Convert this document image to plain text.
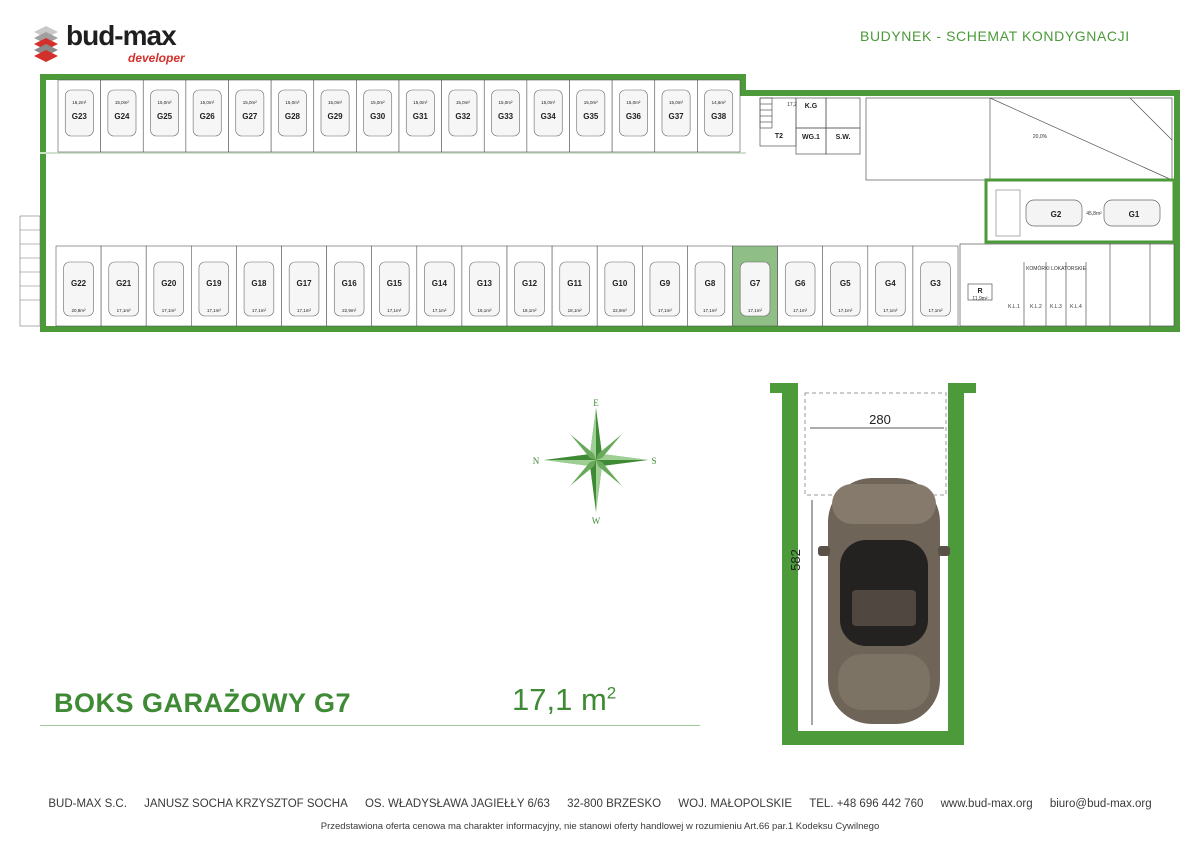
bud-max
developer
BUDYNEK - SCHEMAT KONDYGNACJI
G23
16,2m²
G24
15,0m²
G25
15,0m²
G26
15,0m²
G27
15,0m²
G28
15,0m²
G29
15,0m²
G30
15,0m²
G31
15,0m²
G32
15,0m²
G33
15,0m²
G34
15,0m²
G35
15,0m²
G36
15,0m²
G37
15,0m²
G38
14,6m²
G22
20,8m²
G21
17,1m²
G20
17,1m²
G19
17,1m²
G18
17,1m²
G17
17,1m²
G16
22,9m²
G15
17,1m²
G14
17,1m²
G13
18,1m²
G12
18,1m²
G11
18,1m²
G10
22,9m²
G9
17,1m²
G8
17,1m²
G7
17,1m²
G6
17,1m²
G5
17,1m²
G4
17,1m²
G3
17,1m²
17,2
T2
K.G
WG.1 S.W.	20,0%
G2	G1
45,8m²
R
11,9m²
KOMÓRKI LOKATORSKIE
K.L.1 K.L.2 K.L.3 K.L.4
E
W
N	S
280
582
BOKS GARAŻOWY G7	17,1 $m^2$
BUD-MAX S.C. JANUSZ SOCHA KRZYSZTOF SOCHA OS. WŁADYSŁAWA JAGIEŁŁY 6/63 32-800 BRZESKO WOJ. MAŁOPOLSKIE TEL. +48 696 442 760 www.bud-max.org biuro@bud-max.org
Przedstawiona oferta cenowa ma charakter informacyjny, nie stanowi oferty handlowej w rozumieniu Art.66 par.1 Kodeksu Cywilnego
